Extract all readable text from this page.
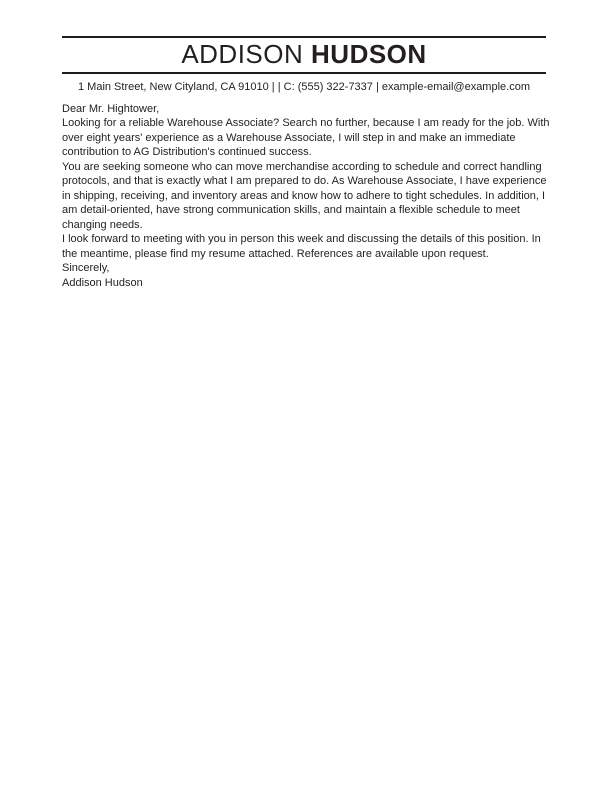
ADDISON HUDSON
1 Main Street, New Cityland, CA 91010 | | C: (555) 322-7337 | example-email@example.com

Dear Mr. Hightower,

Looking for a reliable Warehouse Associate? Search no further, because I am ready for the job. With over eight years' experience as a Warehouse Associate, I will step in and make an immediate contribution to AG Distribution's continued success.

You are seeking someone who can move merchandise according to schedule and correct handling protocols, and that is exactly what I am prepared to do. As Warehouse Associate, I have experience in shipping, receiving, and inventory areas and know how to adhere to tight schedules. In addition, I am detail-oriented, have strong communication skills, and maintain a flexible schedule to meet changing needs.

I look forward to meeting with you in person this week and discussing the details of this position. In the meantime, please find my resume attached. References are available upon request.

Sincerely,

Addison Hudson
